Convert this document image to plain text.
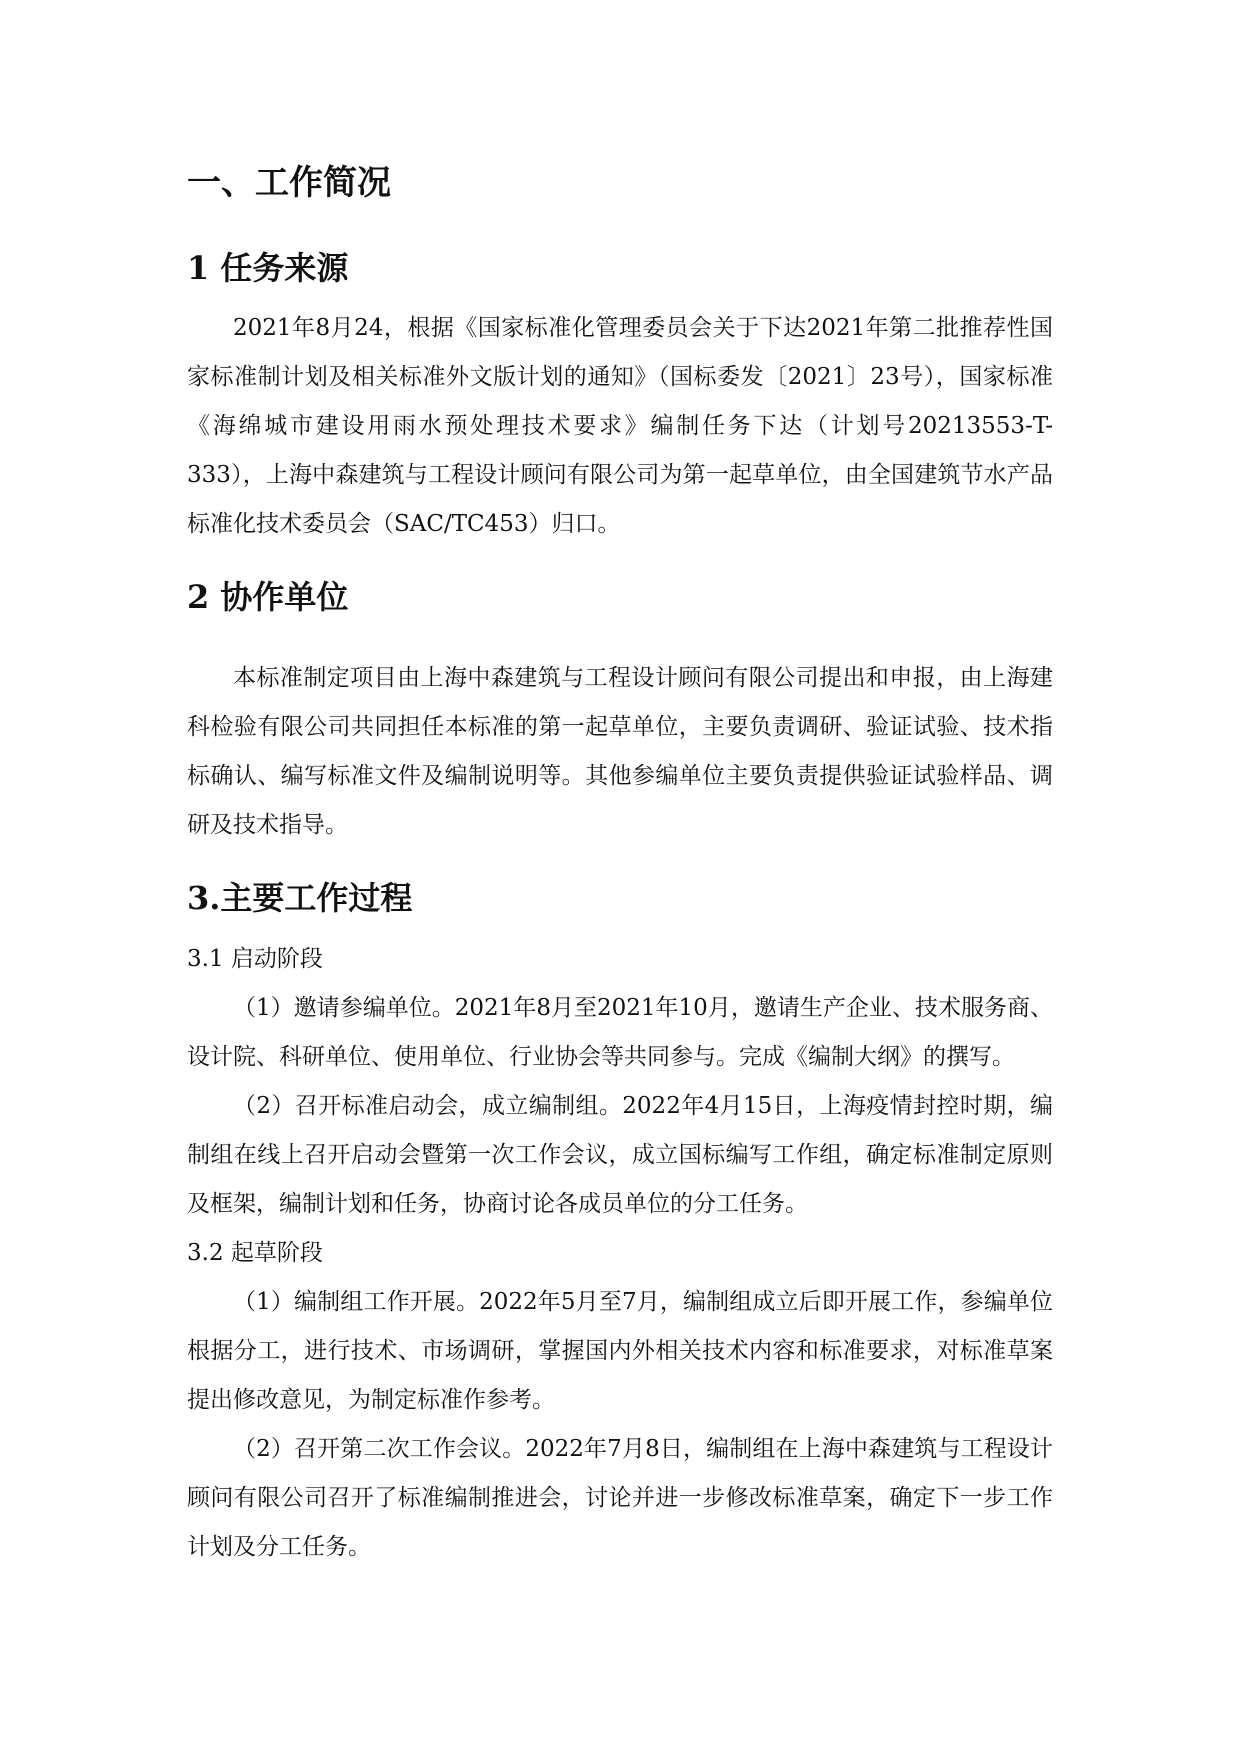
一、工作简况
1 任务来源

2021年8月24，根据《国家标准化管理委员会关于下达2021年第二批推荐性国家标准制计划及相关标准外文版计划的通知》（国标委发〔2021〕23号），国家标准《海绵城市建设用雨水预处理技术要求》编制任务下达（计划号20213553-T-333），上海中森建筑与工程设计顾问有限公司为第一起草单位，由全国建筑节水产品标准化技术委员会（SAC/TC453）归口。

2 协作单位

本标准制定项目由上海中森建筑与工程设计顾问有限公司提出和申报，由上海建科检验有限公司共同担任本标准的第一起草单位，主要负责调研、验证试验、技术指标确认、编写标准文件及编制说明等。其他参编单位主要负责提供验证试验样品、调研及技术指导。

3.主要工作过程

3.1 启动阶段

（1）邀请参编单位。2021年8月至2021年10月，邀请生产企业、技术服务商、设计院、科研单位、使用单位、行业协会等共同参与。完成《编制大纲》的撰写。

（2）召开标准启动会，成立编制组。2022年4月15日，上海疫情封控时期，编制组在线上召开启动会暨第一次工作会议，成立国标编写工作组，确定标准制定原则及框架，编制计划和任务，协商讨论各成员单位的分工任务。

3.2 起草阶段

（1）编制组工作开展。2022年5月至7月，编制组成立后即开展工作，参编单位根据分工，进行技术、市场调研，掌握国内外相关技术内容和标准要求，对标准草案提出修改意见，为制定标准作参考。

（2）召开第二次工作会议。2022年7月8日，编制组在上海中森建筑与工程设计顾问有限公司召开了标准编制推进会，讨论并进一步修改标准草案，确定下一步工作计划及分工任务。
